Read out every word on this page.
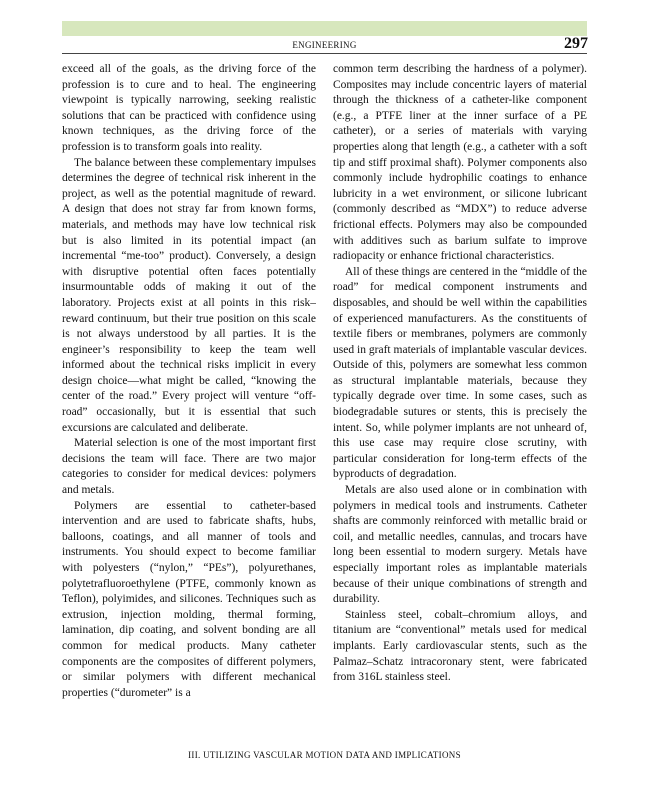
ENGINEERING	297

exceed all of the goals, as the driving force of the profession is to cure and to heal. The engineering viewpoint is typically narrowing, seeking realistic solutions that can be practiced with confidence using known techniques, as the driving force of the profession is to transform goals into reality.

The balance between these complementary impulses determines the degree of technical risk inherent in the project, as well as the potential magnitude of reward. A design that does not stray far from known forms, materials, and methods may have low technical risk but is also limited in its potential impact (an incremental “me-too” product). Conversely, a design with disruptive potential often faces potentially insurmountable odds of making it out of the laboratory. Projects exist at all points in this risk–reward continuum, but their true position on this scale is not always understood by all parties. It is the engineer’s responsibility to keep the team well informed about the technical risks implicit in every design choice—what might be called, “knowing the center of the road.” Every project will venture “off-road” occasionally, but it is essential that such excursions are calculated and deliberate.

Material selection is one of the most important first decisions the team will face. There are two major categories to consider for medical devices: polymers and metals.

Polymers are essential to catheter-based intervention and are used to fabricate shafts, hubs, balloons, coatings, and all manner of tools and instruments. You should expect to become familiar with polyesters (“nylon,” “PEs”), polyurethanes, polytetrafluoroethylene (PTFE, commonly known as Teflon), polyimides, and silicones. Techniques such as extrusion, injection molding, thermal forming, lamination, dip coating, and solvent bonding are all common for medical products. Many catheter components are the composites of different polymers, or similar polymers with different mechanical properties (“durometer” is a

common term describing the hardness of a polymer). Composites may include concentric layers of material through the thickness of a catheter-like component (e.g., a PTFE liner at the inner surface of a PE catheter), or a series of materials with varying properties along that length (e.g., a catheter with a soft tip and stiff proximal shaft). Polymer components also commonly include hydrophilic coatings to enhance lubricity in a wet environment, or silicone lubricant (commonly described as “MDX”) to reduce adverse frictional effects. Polymers may also be compounded with additives such as barium sulfate to improve radiopacity or enhance frictional characteristics.

All of these things are centered in the “middle of the road” for medical component instruments and disposables, and should be well within the capabilities of experienced manufacturers. As the constituents of textile fibers or membranes, polymers are commonly used in graft materials of implantable vascular devices. Outside of this, polymers are somewhat less common as structural implantable materials, because they typically degrade over time. In some cases, such as biodegradable sutures or stents, this is precisely the intent. So, while polymer implants are not unheard of, this use case may require close scrutiny, with particular consideration for long-term effects of the byproducts of degradation.

Metals are also used alone or in combination with polymers in medical tools and instruments. Catheter shafts are commonly reinforced with metallic braid or coil, and metallic needles, cannulas, and trocars have long been essential to modern surgery. Metals have especially important roles as implantable materials because of their unique combinations of strength and durability.

Stainless steel, cobalt–chromium alloys, and titanium are “conventional” metals used for medical implants. Early cardiovascular stents, such as the Palmaz–Schatz intracoronary stent, were fabricated from 316L stainless steel.

III. UTILIZING VASCULAR MOTION DATA AND IMPLICATIONS
